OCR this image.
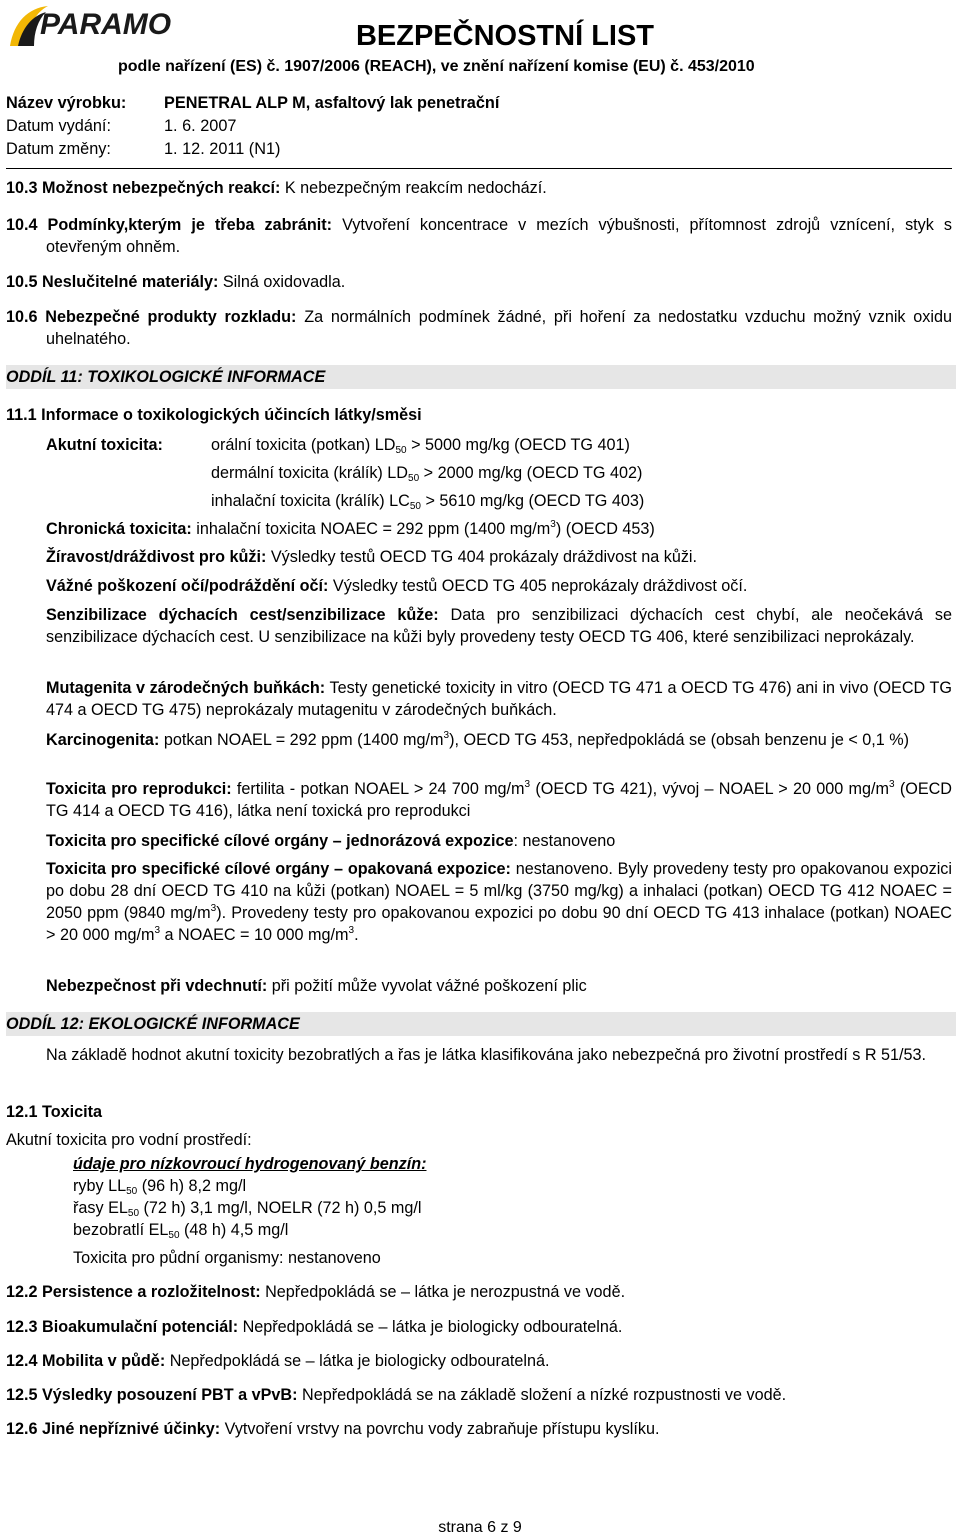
PARAMO	BEZPEČNOSTNÍ LIST
podle nařízení (ES) č. 1907/2006 (REACH), ve znění nařízení komise (EU) č. 453/2010
Název výrobku:	PENETRAL ALP M, asfaltový lak penetrační
Datum vydání:	1. 6. 2007
Datum změny:	1. 12. 2011 (N1)
10.3 Možnost nebezpečných reakcí: K nebezpečným reakcím nedochází.
10.4 Podmínky,kterým je třeba zabránit: Vytvoření koncentrace v mezích výbušnosti, přítomnost zdrojů vznícení, styk s otevřeným ohněm.
10.5 Neslučitelné materiály: Silná oxidovadla.
10.6 Nebezpečné produkty rozkladu: Za normálních podmínek žádné, při hoření za nedostatku vzduchu možný vznik oxidu uhelnatého.
ODDÍL 11: TOXIKOLOGICKÉ INFORMACE
11.1 Informace o toxikologických účincích látky/směsi
Akutní toxicita:	orální toxicita (potkan) $LD_{50} > 5000$ mg/kg (OECD TG 401)
dermální toxicita (králík) $LD_{50} > 2000$ mg/kg (OECD TG 402)
inhalační toxicita (králík) $LC_{50} > 5610$ mg/kg (OECD TG 403)
Chronická toxicita: inhalační toxicita NOAEC = 292 ppm (1400 $mg/m^3$) (OECD 453)
Žíravost/dráždivost pro kůži: Výsledky testů OECD TG 404 prokázaly dráždivost na kůži.
Vážné poškození očí/podráždění očí: Výsledky testů OECD TG 405 neprokázaly dráždivost očí.
Senzibilizace dýchacích cest/senzibilizace kůže: Data pro senzibilizaci dýchacích cest chybí, ale neočekává se senzibilizace dýchacích cest. U senzibilizace na kůži byly provedeny testy OECD TG 406, které senzibilizaci neprokázaly.
Mutagenita v zárodečných buňkách: Testy genetické toxicity in vitro (OECD TG 471 a OECD TG 476) ani in vivo (OECD TG 474 a OECD TG 475) neprokázaly mutagenitu v zárodečných buňkách.
Karcinogenita: potkan NOAEL = 292 ppm (1400 $mg/m^3$), OECD TG 453, nepředpokládá se (obsah benzenu je < 0,1 %)
Toxicita pro reprodukci: fertilita - potkan NOAEL > 24 700 $mg/m^3$ (OECD TG 421), vývoj – NOAEL > 20 000 $mg/m^3$ (OECD TG 414 a OECD TG 416), látka není toxická pro reprodukci
Toxicita pro specifické cílové orgány – jednorázová expozice: nestanoveno
Toxicita pro specifické cílové orgány – opakovaná expozice: nestanoveno. Byly provedeny testy pro opakovanou expozici po dobu 28 dní OECD TG 410 na kůži (potkan) NOAEL = 5 ml/kg (3750 mg/kg) a inhalaci (potkan) OECD TG 412 NOAEC = 2050 ppm (9840 $mg/m^3$). Provedeny testy pro opakovanou expozici po dobu 90 dní OECD TG 413 inhalace (potkan) NOAEC > 20 000 $mg/m^3$ a NOAEC = 10 000 $mg/m^3$.
Nebezpečnost při vdechnutí: při požití může vyvolat vážné poškození plic
ODDÍL 12: EKOLOGICKÉ INFORMACE
Na základě hodnot akutní toxicity bezobratlých a řas je látka klasifikována jako nebezpečná pro životní prostředí s R 51/53.
12.1 Toxicita
Akutní toxicita pro vodní prostředí:
údaje pro nízkovroucí hydrogenovaný benzín:
ryby $LL_{50}$ (96 h) 8,2 mg/l
řasy $EL_{50}$ (72 h) 3,1 mg/l, NOELR (72 h) 0,5 mg/l
bezobratlí $EL_{50}$ (48 h) 4,5 mg/l
Toxicita pro půdní organismy: nestanoveno
12.2 Persistence a rozložitelnost: Nepředpokládá se – látka je nerozpustná ve vodě.
12.3 Bioakumulační potenciál: Nepředpokládá se – látka je biologicky odbouratelná.
12.4 Mobilita v půdě: Nepředpokládá se – látka je biologicky odbouratelná.
12.5 Výsledky posouzení PBT a vPvB: Nepředpokládá se na základě složení a nízké rozpustnosti ve vodě.
12.6 Jiné nepříznivé účinky: Vytvoření vrstvy na povrchu vody zabraňuje přístupu kyslíku.
strana 6 z 9
